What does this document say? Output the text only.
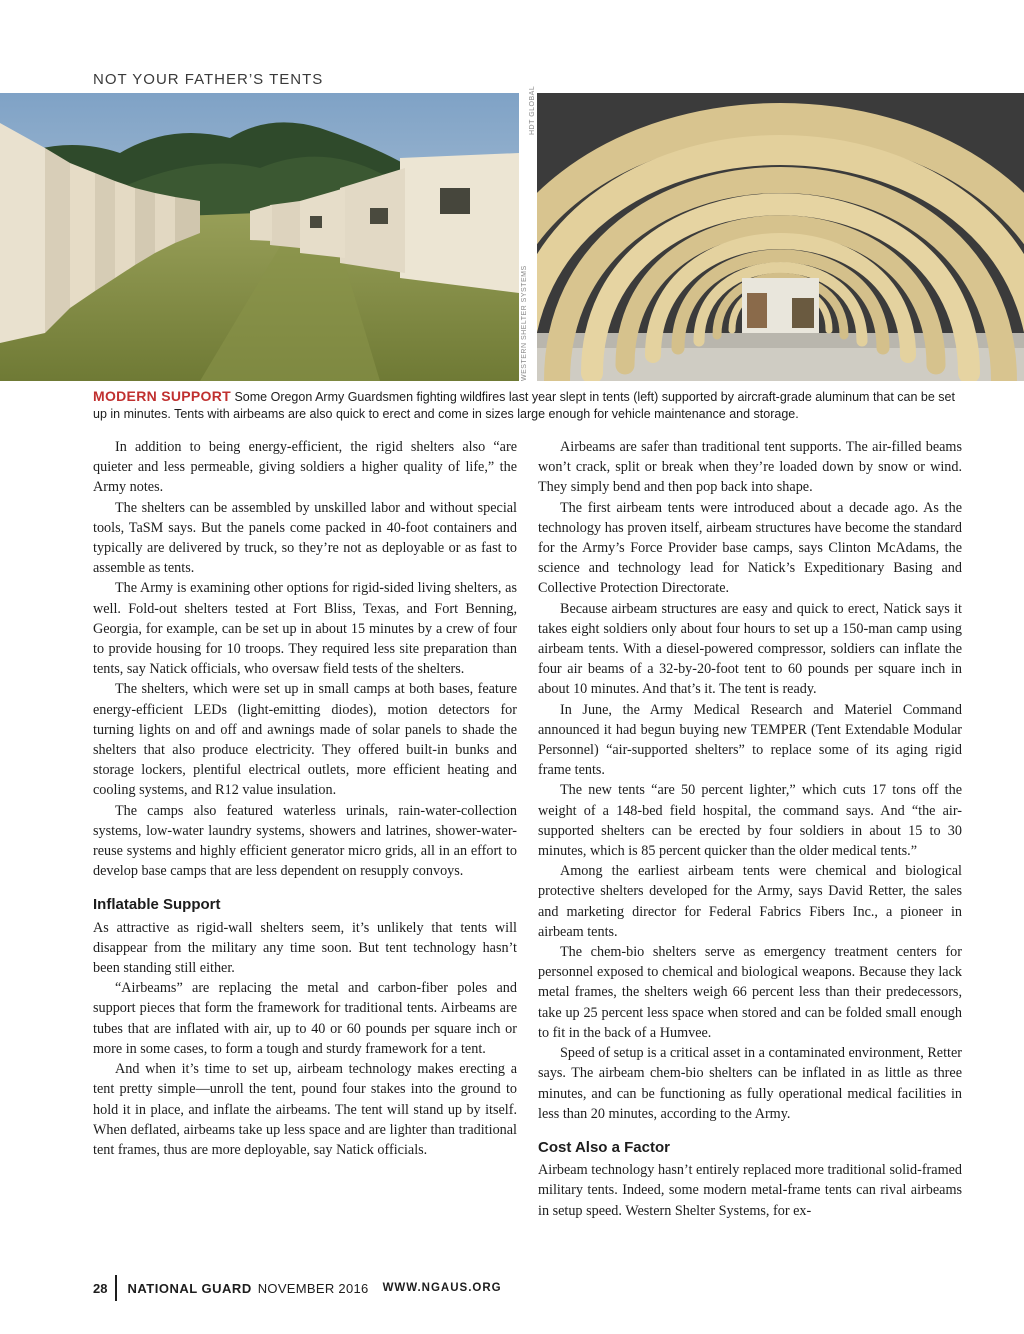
NOT YOUR FATHER’S TENTS
WESTERN SHELTER SYSTEMS
HDT GLOBAL
MODERN SUPPORT Some Oregon Army Guardsmen fighting wildfires last year slept in tents (left) supported by aircraft-grade aluminum that can be set up in minutes. Tents with airbeams are also quick to erect and come in sizes large enough for vehicle maintenance and storage.

In addition to being energy-efficient, the rigid shelters also “are quieter and less permeable, giving soldiers a higher quality of life,” the Army notes.

The shelters can be assembled by unskilled labor and without special tools, TaSM says. But the panels come packed in 40-foot containers and typically are delivered by truck, so they’re not as deployable or as fast to assemble as tents.

The Army is examining other options for rigid-sided living shelters, as well. Fold-out shelters tested at Fort Bliss, Texas, and Fort Benning, Georgia, for example, can be set up in about 15 minutes by a crew of four to provide housing for 10 troops. They required less site preparation than tents, say Natick officials, who oversaw field tests of the shelters.

The shelters, which were set up in small camps at both bases, feature energy-efficient LEDs (light-emitting diodes), motion detectors for turning lights on and off and awnings made of solar panels to shade the shelters that also produce electricity. They offered built-in bunks and storage lockers, plentiful electrical outlets, more efficient heating and cooling systems, and R12 value insulation.

The camps also featured waterless urinals, rain-water-collection systems, low-water laundry systems, showers and latrines, shower-water-reuse systems and highly efficient generator micro grids, all in an effort to develop base camps that are less dependent on resupply convoys.

Inflatable Support

As attractive as rigid-wall shelters seem, it’s unlikely that tents will disappear from the military any time soon. But tent technology hasn’t been standing still either.

“Airbeams” are replacing the metal and carbon-fiber poles and support pieces that form the framework for traditional tents. Airbeams are tubes that are inflated with air, up to 40 or 60 pounds per square inch or more in some cases, to form a tough and sturdy framework for a tent.

And when it’s time to set up, airbeam technology makes erecting a tent pretty simple—unroll the tent, pound four stakes into the ground to hold it in place, and inflate the airbeams. The tent will stand up by itself. When deflated, airbeams take up less space and are lighter than traditional tent frames, thus are more deployable, say Natick officials.

Airbeams are safer than traditional tent supports. The air-filled beams won’t crack, split or break when they’re loaded down by snow or wind. They simply bend and then pop back into shape.

The first airbeam tents were introduced about a decade ago. As the technology has proven itself, airbeam structures have become the standard for the Army’s Force Provider base camps, says Clinton McAdams, the science and technology lead for Natick’s Expeditionary Basing and Collective Protection Directorate.

Because airbeam structures are easy and quick to erect, Natick says it takes eight soldiers only about four hours to set up a 150-man camp using airbeam tents. With a diesel-powered compressor, soldiers can inflate the four air beams of a 32-by-20-foot tent to 60 pounds per square inch in about 10 minutes. And that’s it. The tent is ready.

In June, the Army Medical Research and Materiel Command announced it had begun buying new TEMPER (Tent Extendable Modular Personnel) “air-supported shelters” to replace some of its aging rigid frame tents.

The new tents “are 50 percent lighter,” which cuts 17 tons off the weight of a 148-bed field hospital, the command says. And “the air-supported shelters can be erected by four soldiers in about 15 to 30 minutes, which is 85 percent quicker than the older medical tents.”

Among the earliest airbeam tents were chemical and biological protective shelters developed for the Army, says David Retter, the sales and marketing director for Federal Fabrics Fibers Inc., a pioneer in airbeam tents.

The chem-bio shelters serve as emergency treatment centers for personnel exposed to chemical and biological weapons. Because they lack metal frames, the shelters weigh 66 percent less than their predecessors, take up 25 percent less space when stored and can be folded small enough to fit in the back of a Humvee.

Speed of setup is a critical asset in a contaminated environment, Retter says. The airbeam chem-bio shelters can be inflated in as little as three minutes, and can be functioning as fully operational medical facilities in less than 20 minutes, according to the Army.

Cost Also a Factor

Airbeam technology hasn’t entirely replaced more traditional solid-framed military tents. Indeed, some modern metal-frame tents can rival airbeams in setup speed. Western Shelter Systems, for ex-

28 NATIONAL GUARD NOVEMBER 2016 WWW.NGAUS.ORG
